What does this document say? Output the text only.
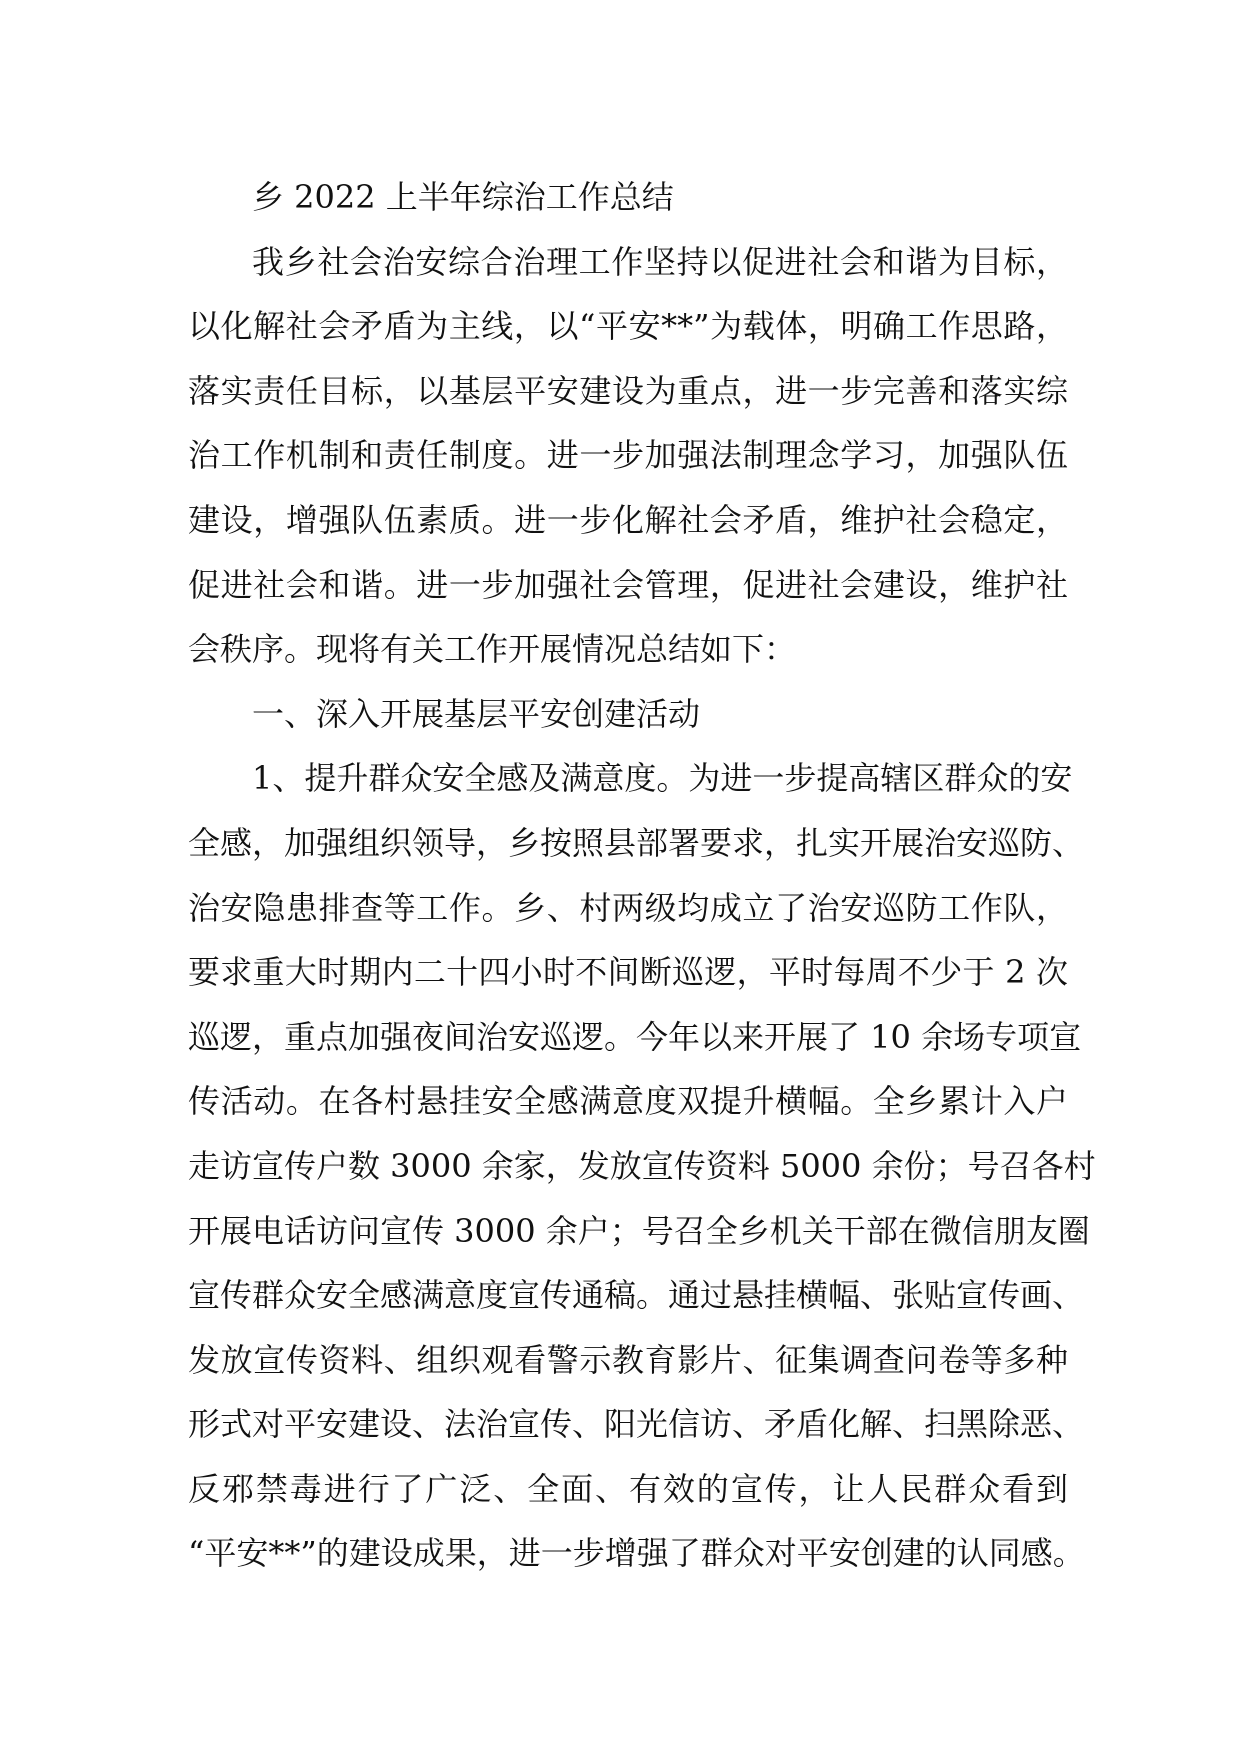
乡 2022 上半年综治工作总结
我乡社会治安综合治理工作坚持以促进社会和谐为目标，
以化解社会矛盾为主线，以“平安**”为载体，明确工作思路，
落实责任目标，以基层平安建设为重点，进一步完善和落实综
治工作机制和责任制度。进一步加强法制理念学习，加强队伍
建设，增强队伍素质。进一步化解社会矛盾，维护社会稳定，
促进社会和谐。进一步加强社会管理，促进社会建设，维护社
会秩序。现将有关工作开展情况总结如下：
一、深入开展基层平安创建活动
1、提升群众安全感及满意度。为进一步提高辖区群众的安
全感，加强组织领导，乡按照县部署要求，扎实开展治安巡防、
治安隐患排查等工作。乡、村两级均成立了治安巡防工作队，
要求重大时期内二十四小时不间断巡逻，平时每周不少于 2 次
巡逻，重点加强夜间治安巡逻。今年以来开展了 10 余场专项宣
传活动。在各村悬挂安全感满意度双提升横幅。全乡累计入户
走访宣传户数 3000 余家，发放宣传资料 5000 余份；号召各村
开展电话访问宣传 3000 余户；号召全乡机关干部在微信朋友圈
宣传群众安全感满意度宣传通稿。通过悬挂横幅、张贴宣传画、
发放宣传资料、组织观看警示教育影片、征集调查问卷等多种
形式对平安建设、法治宣传、阳光信访、矛盾化解、扫黑除恶、
反邪禁毒进行了广泛、全面、有效的宣传，让人民群众看到
“平安**”的建设成果，进一步增强了群众对平安创建的认同感。
